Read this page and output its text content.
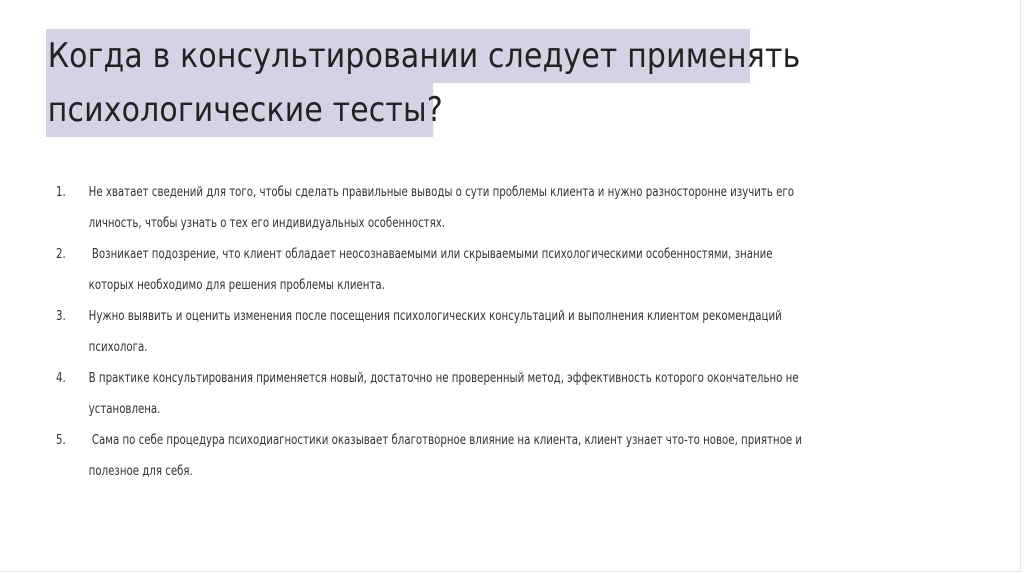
Когда в консультировании следует применять
психологические тесты?
1. Не хватает сведений для того, чтобы сделать правильные выводы о сути проблемы клиента и нужно разносторонне изучить его
личность, чтобы узнать о тех его индивидуальных особенностях.
2. Возникает подозрение, что клиент обладает неосознаваемыми или скрываемыми психологическими особенностями, знание
которых необходимо для решения проблемы клиента.
3. Нужно выявить и оценить изменения после посещения психологических консультаций и выполнения клиентом рекомендаций
психолога.
4. В практике консультирования применяется новый, достаточно не проверенный метод, эффективность которого окончательно не
установлена.
5. Сама по себе процедура психодиагностики оказывает благотворное влияние на клиента, клиент узнает что-то новое, приятное и
полезное для себя.
